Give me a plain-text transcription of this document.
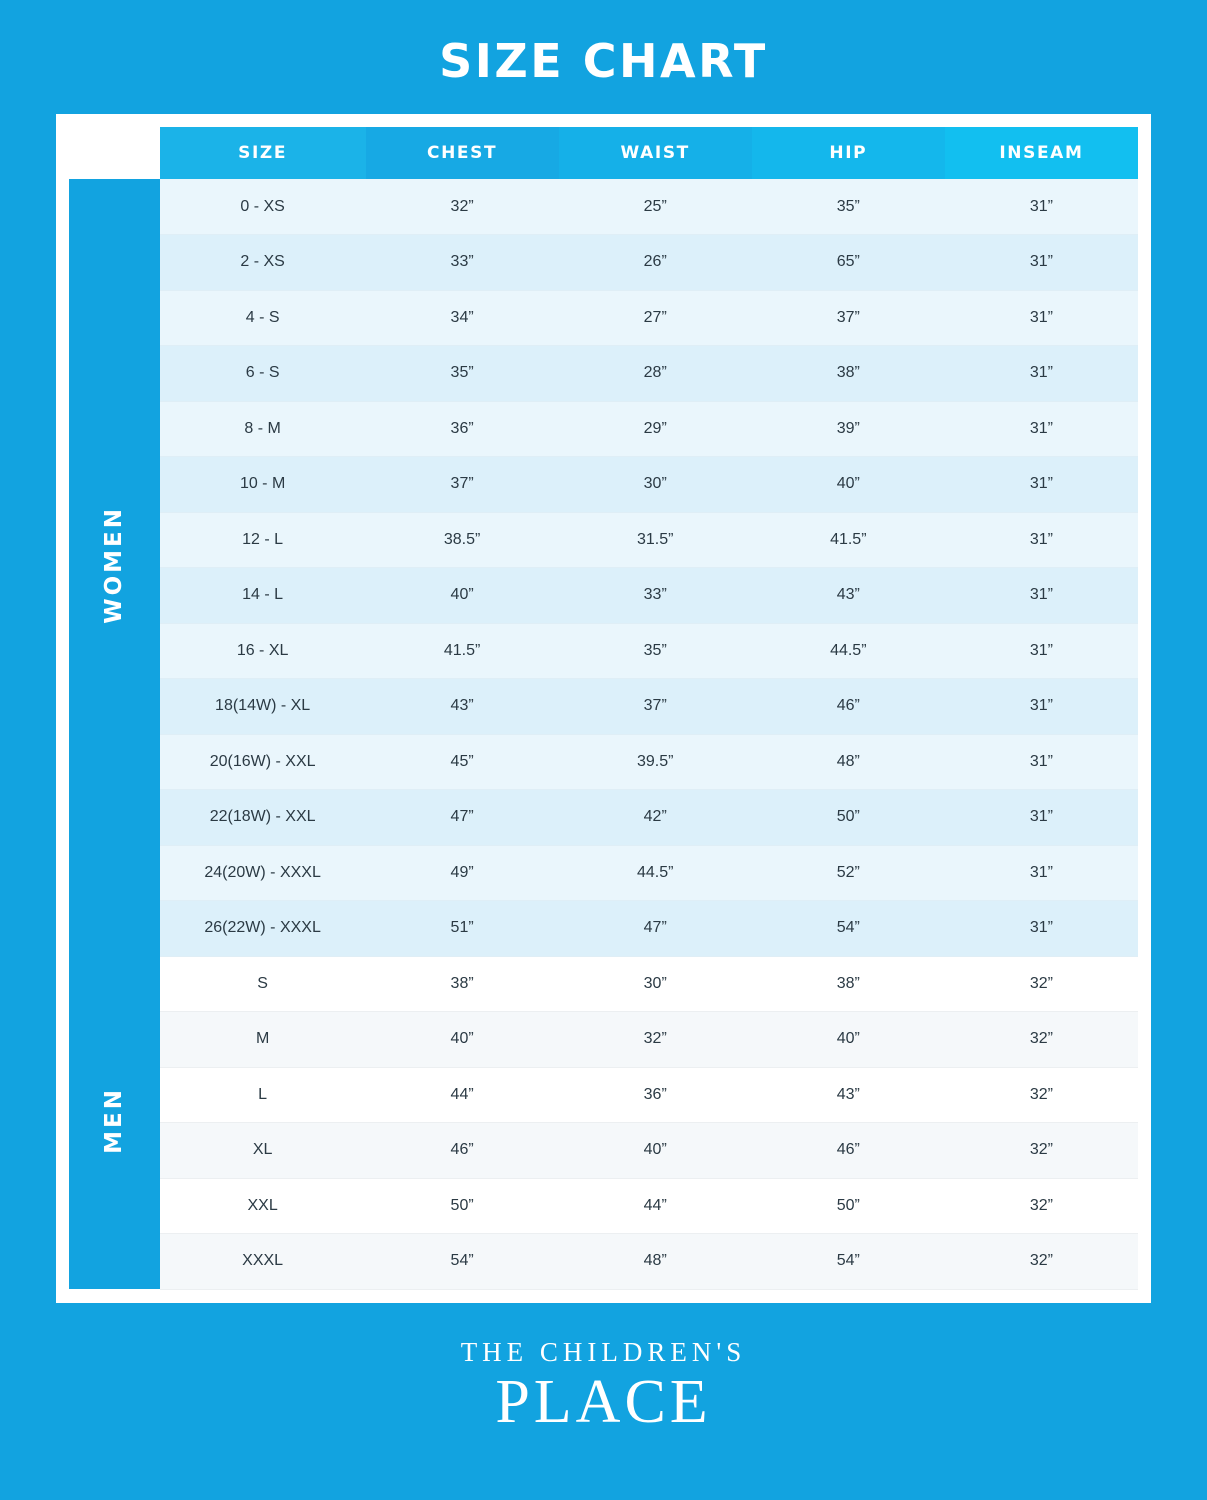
SIZE CHART
	SIZE	CHEST	WAIST	HIP	INSEAM
WOMEN	0 - XS	32”	25”	35”	31”
	2 - XS	33”	26”	65”	31”
	4 - S	34”	27”	37”	31”
	6 - S	35”	28”	38”	31”
	8 - M	36”	29”	39”	31”
	10 - M	37”	30”	40”	31”
	12 - L	38.5”	31.5”	41.5”	31”
	14 - L	40”	33”	43”	31”
	16 - XL	41.5”	35”	44.5”	31”
	18(14W) - XL	43”	37”	46”	31”
	20(16W) - XXL	45”	39.5”	48”	31”
	22(18W) - XXL	47”	42”	50”	31”
	24(20W) - XXXL	49”	44.5”	52”	31”
	26(22W) - XXXL	51”	47”	54”	31”
MEN	S	38”	30”	38”	32”
	M	40”	32”	40”	32”
	L	44”	36”	43”	32”
	XL	46”	40”	46”	32”
	XXL	50”	44”	50”	32”
	XXXL	54”	48”	54”	32”
THE CHILDREN'S
PLACE
